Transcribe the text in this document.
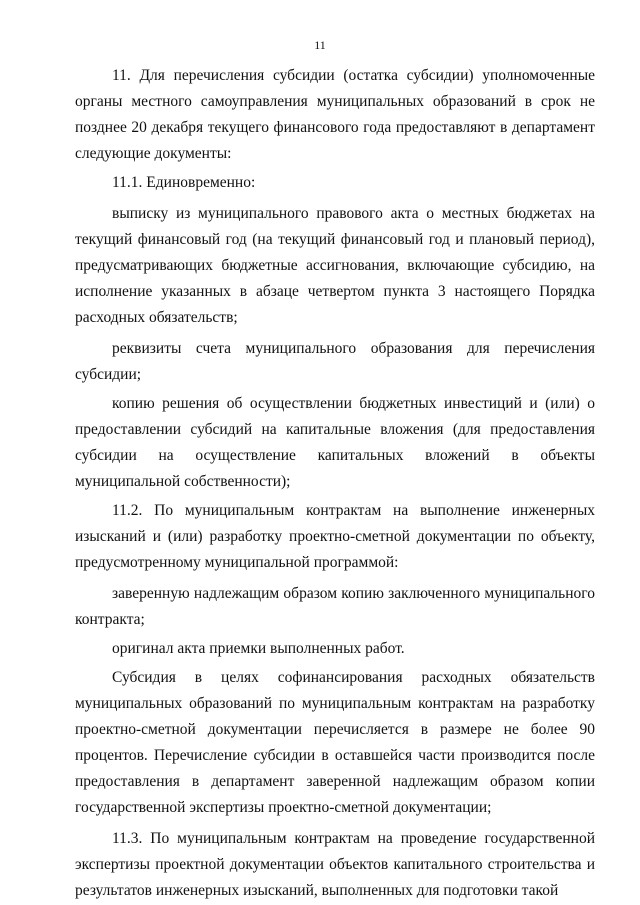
11

11. Для перечисления субсидии (остатка субсидии) уполномоченные органы местного самоуправления муниципальных образований в срок не позднее 20 декабря текущего финансового года предоставляют в департамент следующие документы:

11.1. Единовременно:

выписку из муниципального правового акта о местных бюджетах на текущий финансовый год (на текущий финансовый год и плановый период), предусматривающих бюджетные ассигнования, включающие субсидию, на исполнение указанных в абзаце четвертом пункта 3 настоящего Порядка расходных обязательств;

реквизиты счета муниципального образования для перечисления субсидии;

копию решения об осуществлении бюджетных инвестиций и (или) о предоставлении субсидий на капитальные вложения (для предоставления субсидии на осуществление капитальных вложений в объекты муниципальной собственности);

11.2. По муниципальным контрактам на выполнение инженерных изысканий и (или) разработку проектно-сметной документации по объекту, предусмотренному муниципальной программой:

заверенную надлежащим образом копию заключенного муниципального контракта;

оригинал акта приемки выполненных работ.

Субсидия в целях софинансирования расходных обязательств муниципальных образований по муниципальным контрактам на разработку проектно-сметной документации перечисляется в размере не более 90 процентов. Перечисление субсидии в оставшейся части производится после предоставления в департамент заверенной надлежащим образом копии государственной экспертизы проектно-сметной документации;

11.3. По муниципальным контрактам на проведение государственной экспертизы проектной документации объектов капитального строительства и результатов инженерных изысканий, выполненных для подготовки такой
